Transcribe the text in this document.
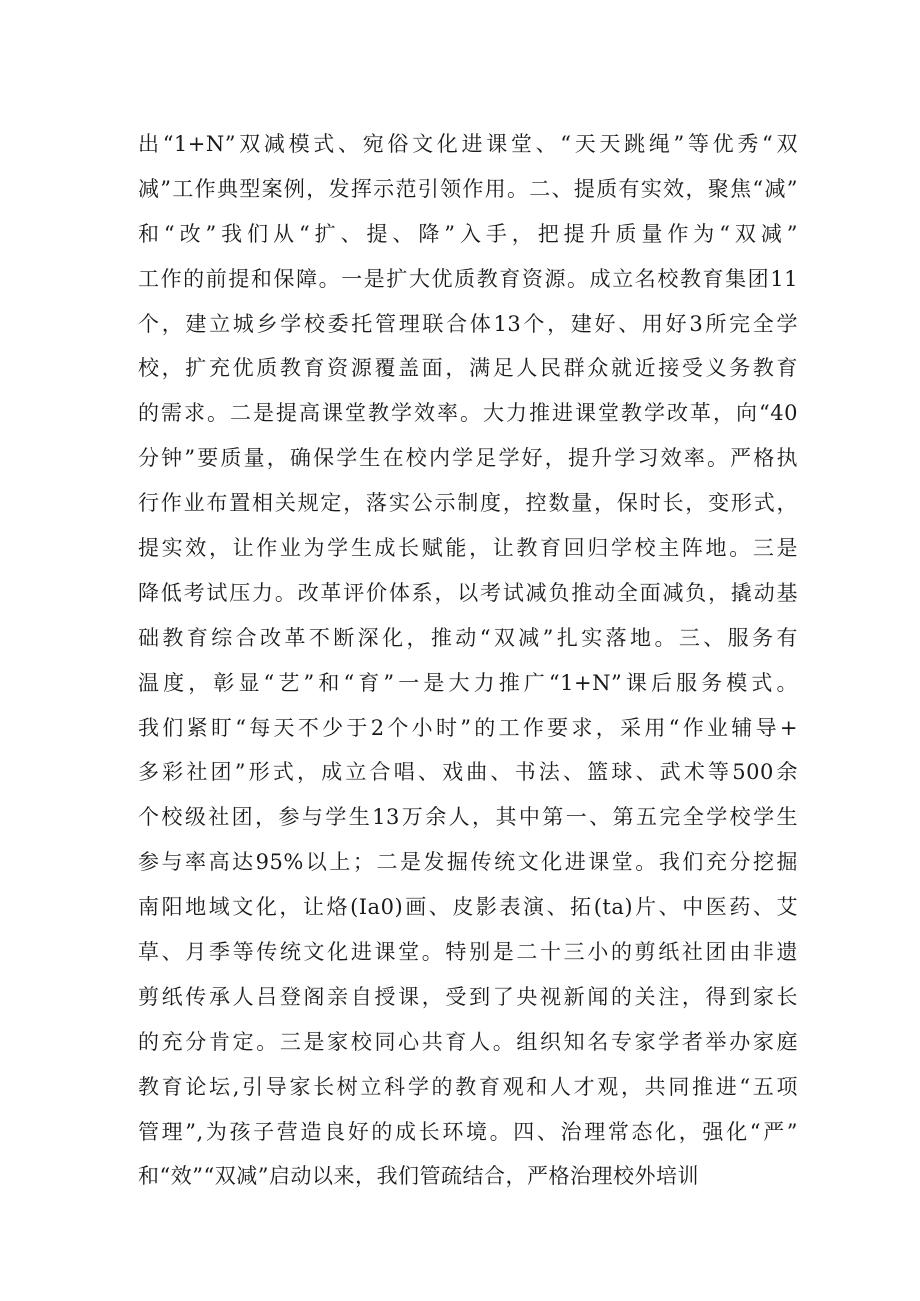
出“1+N”双减模式、宛俗文化进课堂、“天天跳绳”等优秀“双
减”工作典型案例，发挥示范引领作用。二、提质有实效，聚焦“减”
和“改”我们从“扩、提、降”入手，把提升质量作为“双减”
工作的前提和保障。一是扩大优质教育资源。成立名校教育集团11
个，建立城乡学校委托管理联合体13个，建好、用好3所完全学
校，扩充优质教育资源覆盖面，满足人民群众就近接受义务教育
的需求。二是提高课堂教学效率。大力推进课堂教学改革，向“40
分钟”要质量，确保学生在校内学足学好，提升学习效率。严格执
行作业布置相关规定，落实公示制度，控数量，保时长，变形式，
提实效，让作业为学生成长赋能，让教育回归学校主阵地。三是
降低考试压力。改革评价体系，以考试减负推动全面减负，撬动基
础教育综合改革不断深化，推动“双减”扎实落地。三、服务有
温度，彰显“艺”和“育”一是大力推广“1+N”课后服务模式。
我们紧盯“每天不少于2个小时”的工作要求，采用“作业辅导+
多彩社团”形式，成立合唱、戏曲、书法、篮球、武术等500余
个校级社团，参与学生13万余人，其中第一、第五完全学校学生
参与率高达95%以上；二是发掘传统文化进课堂。我们充分挖掘
南阳地域文化，让烙(Ia0)画、皮影表演、拓(ta)片、中医药、艾
草、月季等传统文化进课堂。特别是二十三小的剪纸社团由非遗
剪纸传承人吕登阁亲自授课，受到了央视新闻的关注，得到家长
的充分肯定。三是家校同心共育人。组织知名专家学者举办家庭
教育论坛,引导家长树立科学的教育观和人才观，共同推进“五项
管理”,为孩子营造良好的成长环境。四、治理常态化，强化“严”
和“效”“双减”启动以来，我们管疏结合，严格治理校外培训
